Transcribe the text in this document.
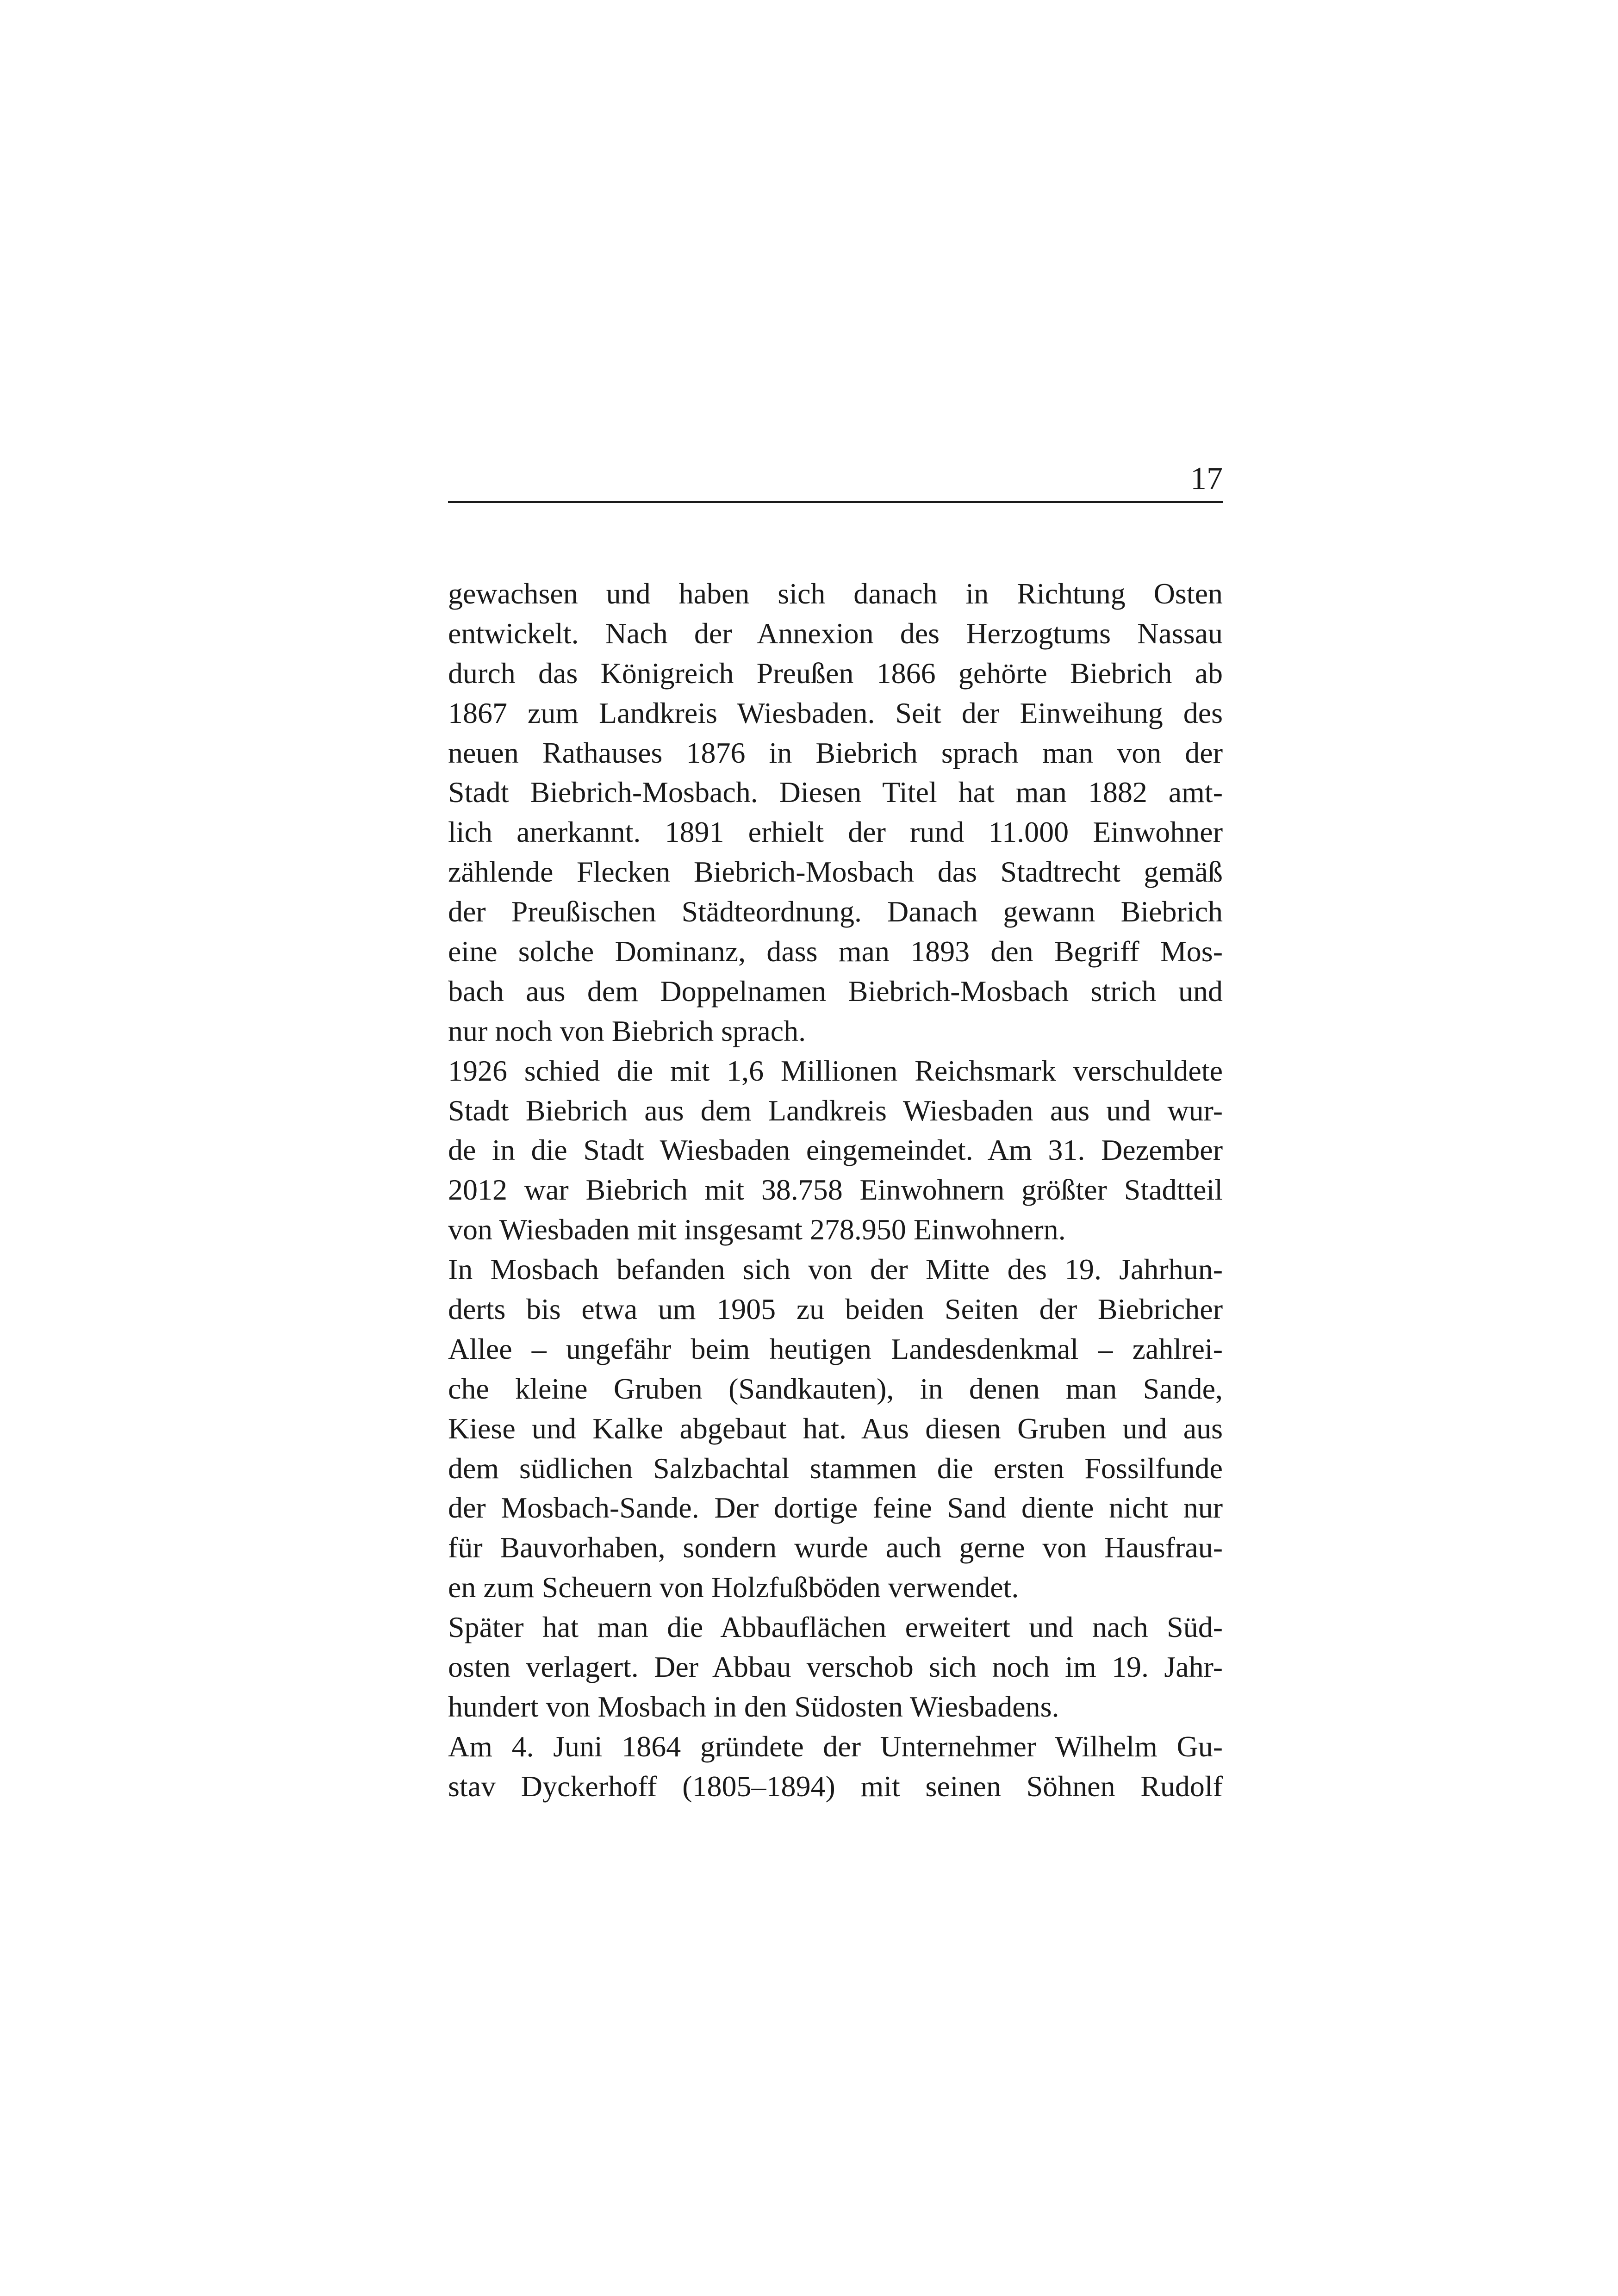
17
gewachsen und haben sich danach in Richtung Osten
entwickelt. Nach der Annexion des Herzogtums Nassau
durch das Königreich Preußen 1866 gehörte Biebrich ab
1867 zum Landkreis Wiesbaden. Seit der Einweihung des
neuen Rathauses 1876 in Biebrich sprach man von der
Stadt Biebrich-Mosbach. Diesen Titel hat man 1882 amt-
lich anerkannt. 1891 erhielt der rund 11.000 Einwohner
zählende Flecken Biebrich-Mosbach das Stadtrecht gemäß
der Preußischen Städteordnung. Danach gewann Biebrich
eine solche Dominanz, dass man 1893 den Begriff Mos-
bach aus dem Doppelnamen Biebrich-Mosbach strich und
nur noch von Biebrich sprach.
1926 schied die mit 1,6 Millionen Reichsmark verschuldete
Stadt Biebrich aus dem Landkreis Wiesbaden aus und wur-
de in die Stadt Wiesbaden eingemeindet. Am 31. Dezember
2012 war Biebrich mit 38.758 Einwohnern größter Stadtteil
von Wiesbaden mit insgesamt 278.950 Einwohnern.
In Mosbach befanden sich von der Mitte des 19. Jahrhun-
derts bis etwa um 1905 zu beiden Seiten der Biebricher
Allee – ungefähr beim heutigen Landesdenkmal – zahlrei-
che kleine Gruben (Sandkauten), in denen man Sande,
Kiese und Kalke abgebaut hat. Aus diesen Gruben und aus
dem südlichen Salzbachtal stammen die ersten Fossilfunde
der Mosbach-Sande. Der dortige feine Sand diente nicht nur
für Bauvorhaben, sondern wurde auch gerne von Hausfrau-
en zum Scheuern von Holzfußböden verwendet.
Später hat man die Abbauflächen erweitert und nach Süd-
osten verlagert. Der Abbau verschob sich noch im 19. Jahr-
hundert von Mosbach in den Südosten Wiesbadens.
Am 4. Juni 1864 gründete der Unternehmer Wilhelm Gu-
stav Dyckerhoff (1805–1894) mit seinen Söhnen Rudolf
